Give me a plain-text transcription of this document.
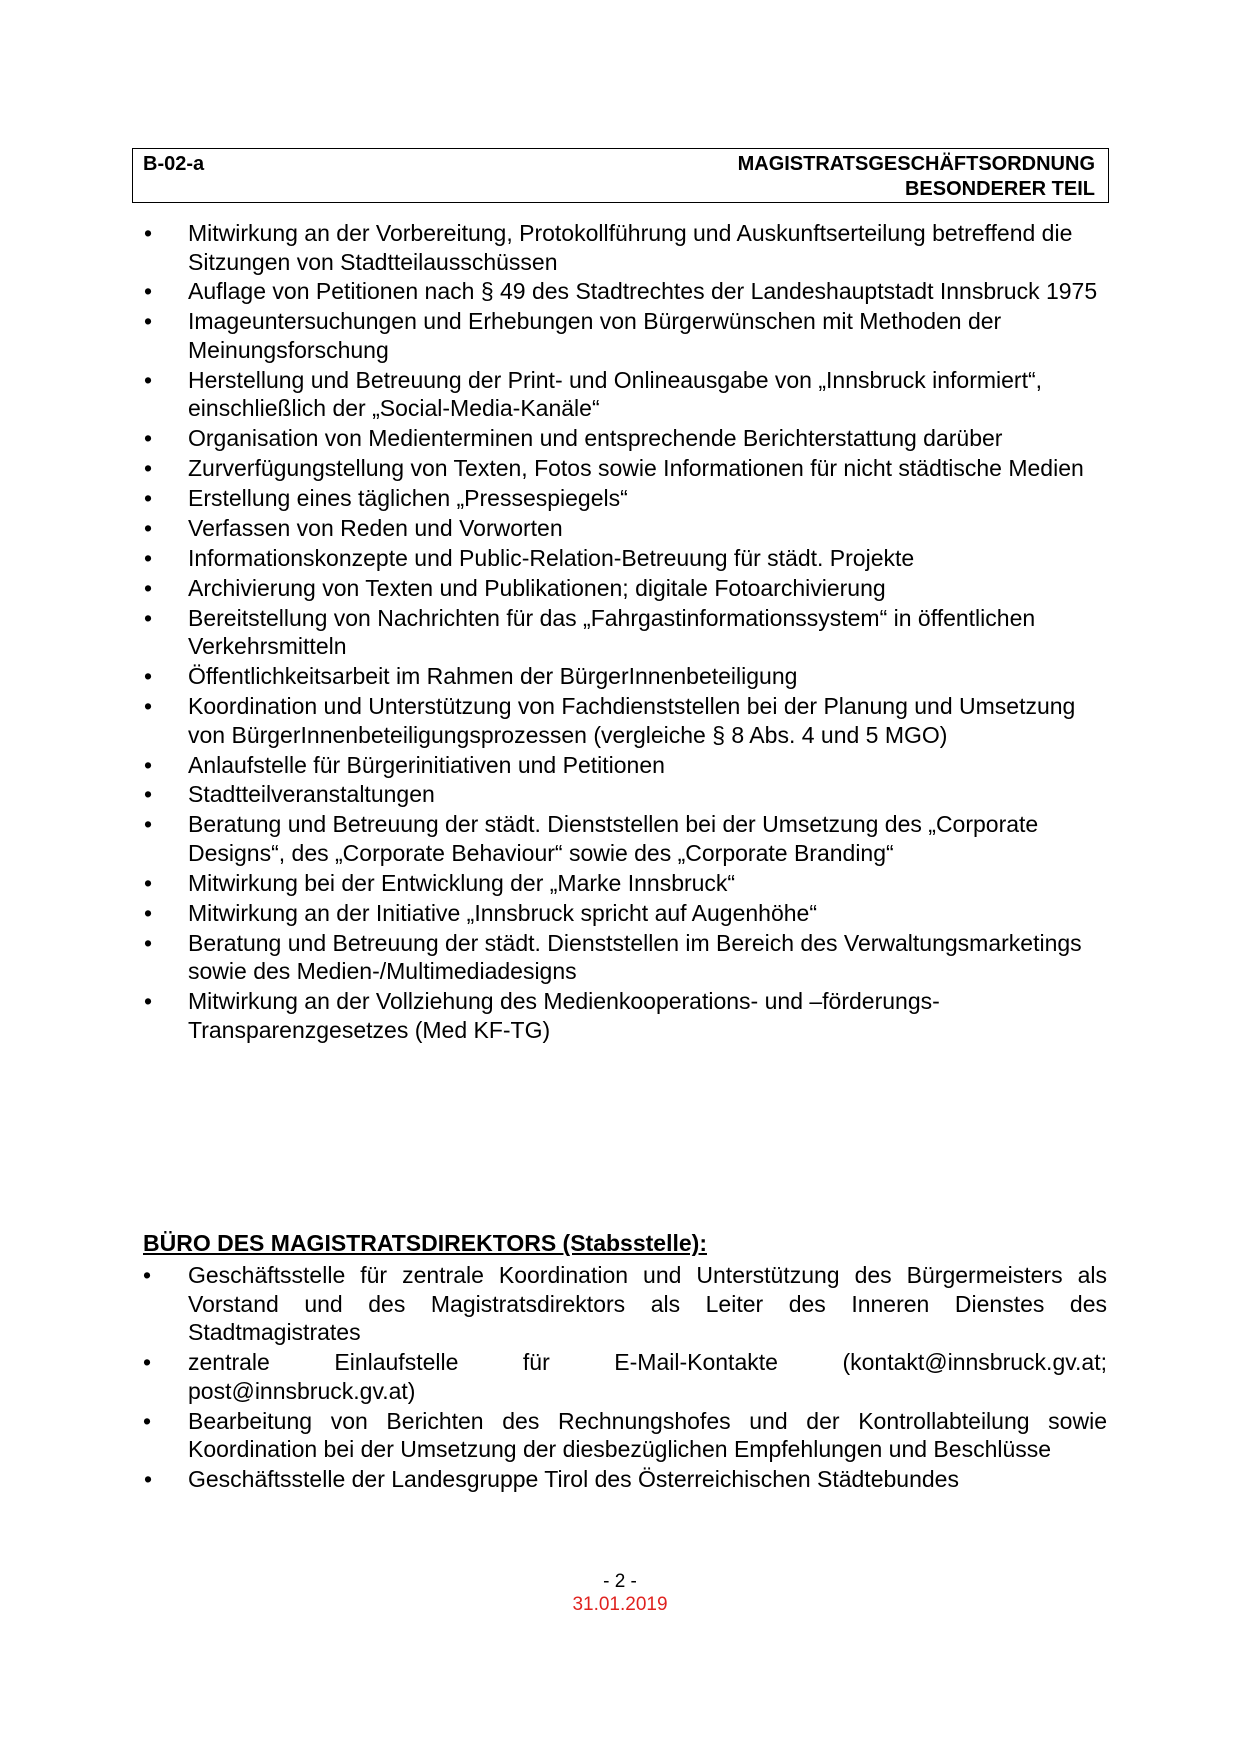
B-02-a	MAGISTRATSGESCHÄFTSORDNUNG
BESONDERER TEIL
• Mitwirkung an der Vorbereitung, Protokollführung und Auskunftserteilung betreffend die Sitzungen von Stadtteilausschüssen
• Auflage von Petitionen nach § 49 des Stadtrechtes der Landeshauptstadt Innsbruck 1975
• Imageuntersuchungen und Erhebungen von Bürgerwünschen mit Methoden der Meinungsforschung
• Herstellung und Betreuung der Print- und Onlineausgabe von „Innsbruck informiert“, einschließlich der „Social-Media-Kanäle“
• Organisation von Medienterminen und entsprechende Berichterstattung darüber
• Zurverfügungstellung von Texten, Fotos sowie Informationen für nicht städtische Medien
• Erstellung eines täglichen „Pressespiegels“
• Verfassen von Reden und Vorworten
• Informationskonzepte und Public-Relation-Betreuung für städt. Projekte
• Archivierung von Texten und Publikationen; digitale Fotoarchivierung
• Bereitstellung von Nachrichten für das „Fahrgastinformationssystem“ in öffentlichen Verkehrsmitteln
• Öffentlichkeitsarbeit im Rahmen der BürgerInnenbeteiligung
• Koordination und Unterstützung von Fachdienststellen bei der Planung und Umsetzung von BürgerInnenbeteiligungsprozessen (vergleiche § 8 Abs. 4 und 5 MGO)
• Anlaufstelle für Bürgerinitiativen und Petitionen
• Stadtteilveranstaltungen
• Beratung und Betreuung der städt. Dienststellen bei der Umsetzung des „Corporate Designs“, des „Corporate Behaviour“ sowie des „Corporate Branding“
• Mitwirkung bei der Entwicklung der „Marke Innsbruck“
• Mitwirkung an der Initiative „Innsbruck spricht auf Augenhöhe“
• Beratung und Betreuung der städt. Dienststellen im Bereich des Verwaltungsmarketings sowie des Medien-/Multimediadesigns
• Mitwirkung an der Vollziehung des Medienkooperations- und –förderungs-Transparenzgesetzes (Med KF-TG)
BÜRO DES MAGISTRATSDIREKTORS (Stabsstelle):
• Geschäftsstelle für zentrale Koordination und Unterstützung des Bürgermeisters als Vorstand und des Magistratsdirektors als Leiter des Inneren Dienstes des Stadtmagistrates
• zentrale Einlaufstelle für E-Mail-Kontakte (kontakt@innsbruck.gv.at; post@innsbruck.gv.at)
• Bearbeitung von Berichten des Rechnungshofes und der Kontrollabteilung sowie Koordination bei der Umsetzung der diesbezüglichen Empfehlungen und Beschlüsse
• Geschäftsstelle der Landesgruppe Tirol des Österreichischen Städtebundes
- 2 -
31.01.2019
